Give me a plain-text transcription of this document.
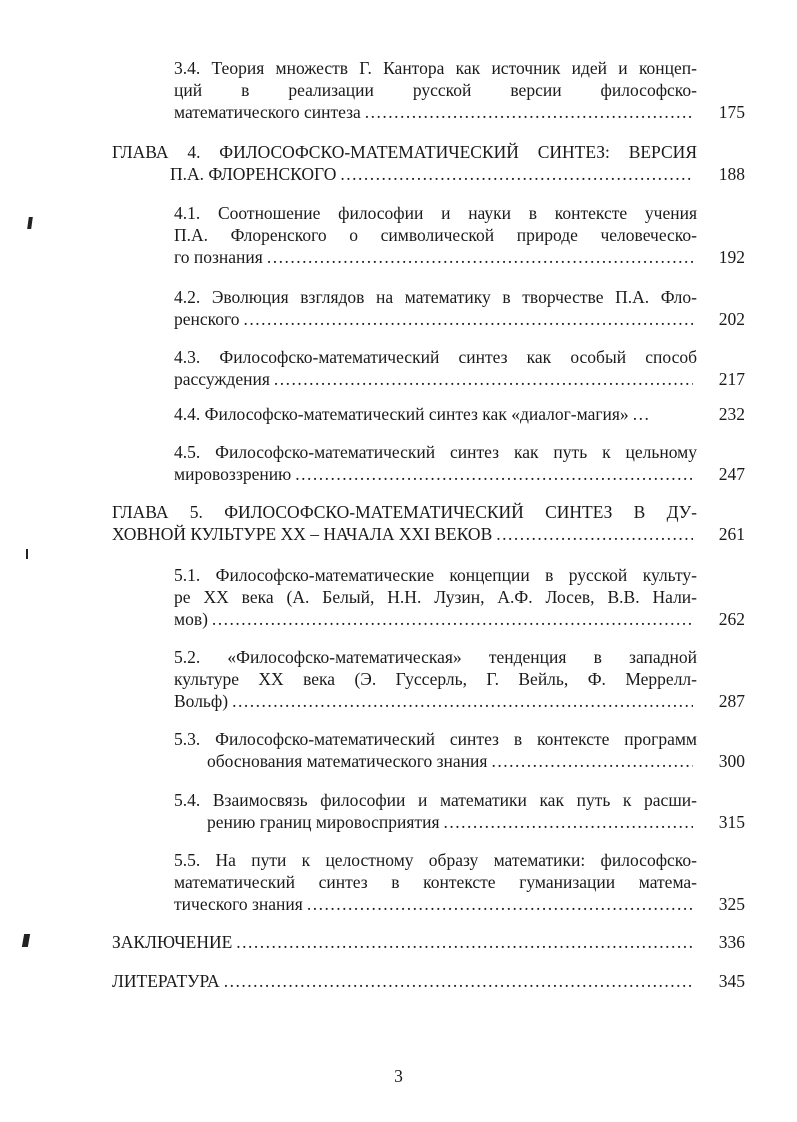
3.4. Теория множеств Г. Кантора как источник идей и концеп-
ций в реализации русской версии философско-
математического синтеза .....	175
ГЛАВА 4. ФИЛОСОФСКО-МАТЕМАТИЧЕСКИЙ СИНТЕЗ: ВЕРСИЯ
П.А. ФЛОРЕНСКОГО .....	188
4.1. Соотношение философии и науки в контексте учения
П.А. Флоренского о символической природе человеческо-
го познания .....	192
4.2. Эволюция взглядов на математику в творчестве П.А. Фло-
ренского .....	202
4.3. Философско-математический синтез как особый способ
рассуждения .....	217
4.4. Философско-математический синтез как «диалог-магия» ...	232
4.5. Философско-математический синтез как путь к цельному
мировоззрению .....	247
ГЛАВА 5. ФИЛОСОФСКО-МАТЕМАТИЧЕСКИЙ СИНТЕЗ В ДУ-
ХОВНОЙ КУЛЬТУРЕ XX – НАЧАЛА XXI ВЕКОВ .....	261
5.1. Философско-математические концепции в русской культу-
ре XX века (А. Белый, Н.Н. Лузин, А.Ф. Лосев, В.В. Нали-
мов) .....	262
5.2. «Философско-математическая» тенденция в западной
культуре XX века (Э. Гуссерль, Г. Вейль, Ф. Меррелл-
Вольф) .....	287
5.3. Философско-математический синтез в контексте программ
обоснования математического знания .....	300
5.4. Взаимосвязь философии и математики как путь к расши-
рению границ мировосприятия .....	315
5.5. На пути к целостному образу математики: философско-
математический синтез в контексте гуманизации матема-
тического знания .....	325
ЗАКЛЮЧЕНИЕ .....	336
ЛИТЕРАТУРА .....	345
3
